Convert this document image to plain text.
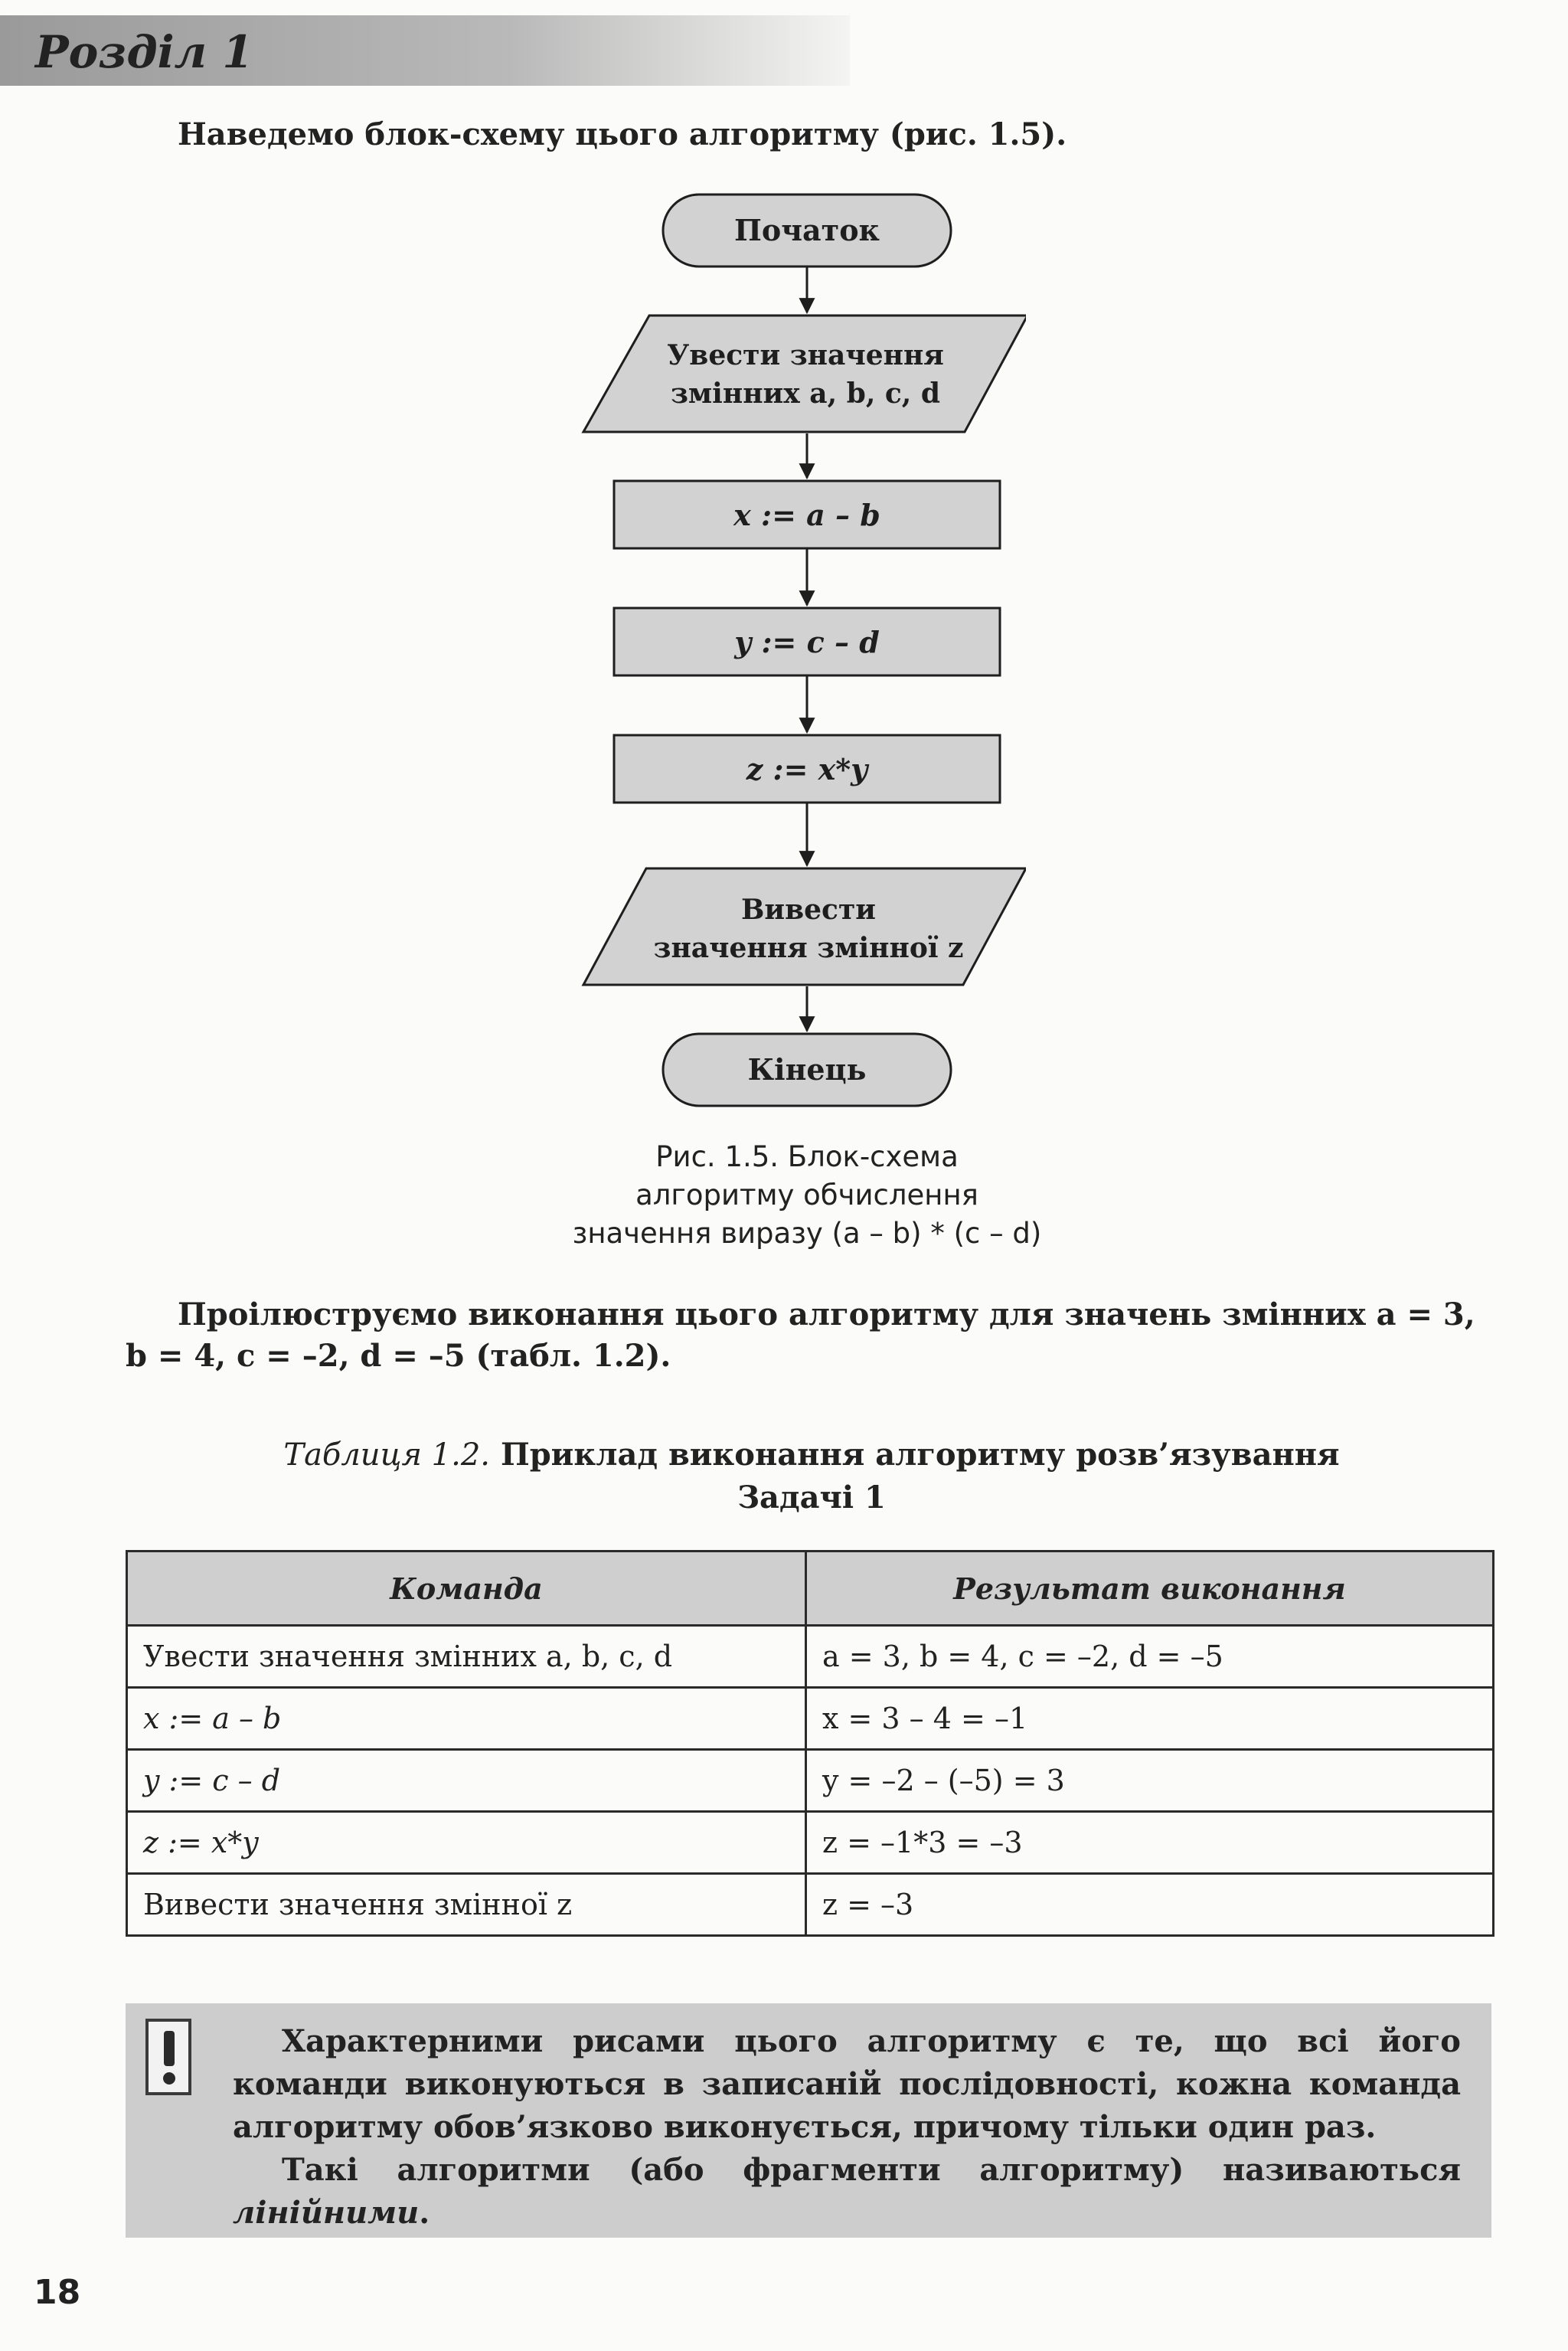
Розділ 1
Наведемо блок-схему цього алгоритму (рис. 1.5).
Початок
Увести значення
змінних a, b, c, d
x := a – b
y := c – d
z := x*y
Вивести
значення змінної z
Кінець
Рис. 1.5. Блок-схема
алгоритму обчислення
значення виразу (a – b) * (c – d)
Проілюструємо виконання цього алгоритму для значень змінних a = 3,
b = 4, c = –2, d = –5 (табл. 1.2).
Таблиця 1.2. Приклад виконання алгоритму розв’язування
Задачі 1
Команда	Результат виконання
Увести значення змінних a, b, c, d	a = 3, b = 4, c = –2, d = –5
x := a – b	x = 3 – 4 = –1
y := c – d	y = –2 – (–5) = 3
z := x*y	z = –1*3 = –3
Вивести значення змінної z	z = –3

Характерними рисами цього алгоритму є те, що всі його команди виконуються в записаній послідовності, кожна команда алгоритму обов’язково виконується, причому тільки один раз.

Такі алгоритми (або фрагменти алгоритму) називаються лінійними.

18
